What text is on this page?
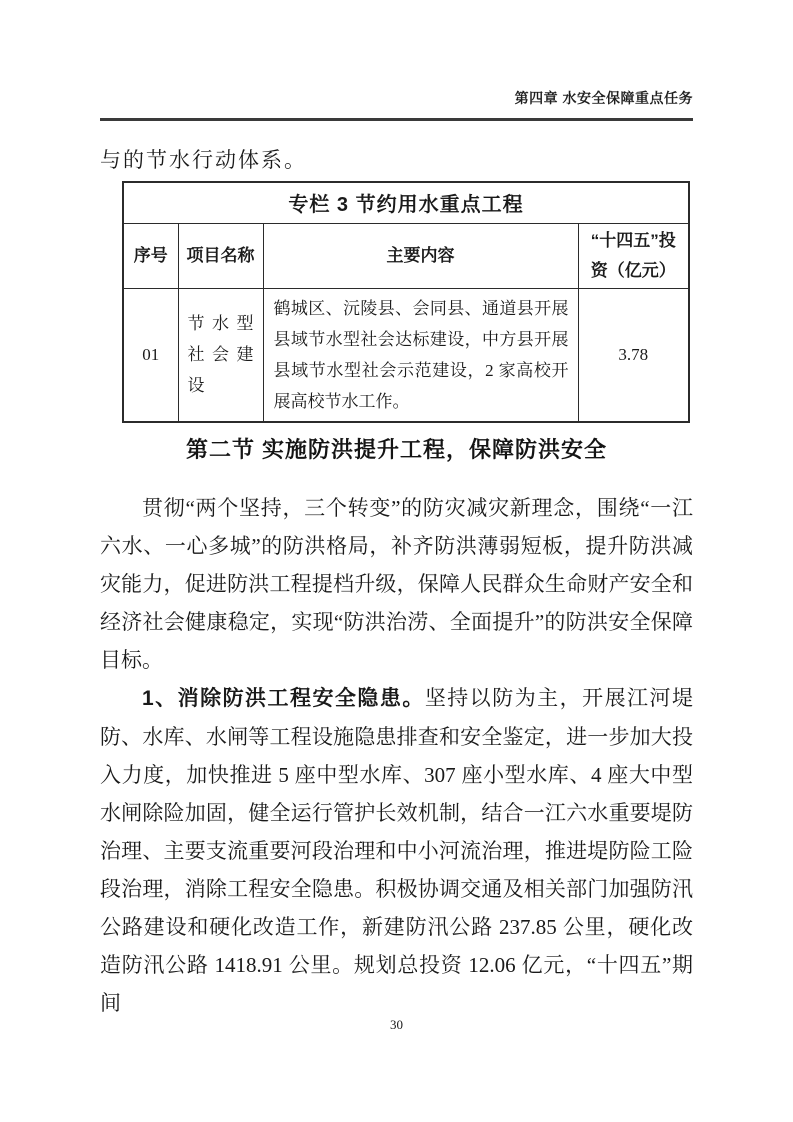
第四章 水安全保障重点任务

与的节水行动体系。

专栏 3 节约用水重点工程			
序号	项目名称	主要内容	“十四五”投资（亿元）
01	节水型社会建设	鹤城区、沅陵县、会同县、通道县开展县域节水型社会达标建设，中方县开展县域节水型社会示范建设，2 家高校开展高校节水工作。	3.78
第二节 实施防洪提升工程，保障防洪安全

贯彻“两个坚持，三个转变”的防灾减灾新理念，围绕“一江六水、一心多城”的防洪格局，补齐防洪薄弱短板，提升防洪减灾能力，促进防洪工程提档升级，保障人民群众生命财产安全和经济社会健康稳定，实现“防洪治涝、全面提升”的防洪安全保障目标。

1、消除防洪工程安全隐患。坚持以防为主，开展江河堤防、水库、水闸等工程设施隐患排查和安全鉴定，进一步加大投入力度，加快推进 5 座中型水库、307 座小型水库、4 座大中型水闸除险加固，健全运行管护长效机制，结合一江六水重要堤防治理、主要支流重要河段治理和中小河流治理，推进堤防险工险段治理，消除工程安全隐患。积极协调交通及相关部门加强防汛公路建设和硬化改造工作，新建防汛公路 237.85 公里，硬化改造防汛公路 1418.91 公里。规划总投资 12.06 亿元，“十四五”期间

30
